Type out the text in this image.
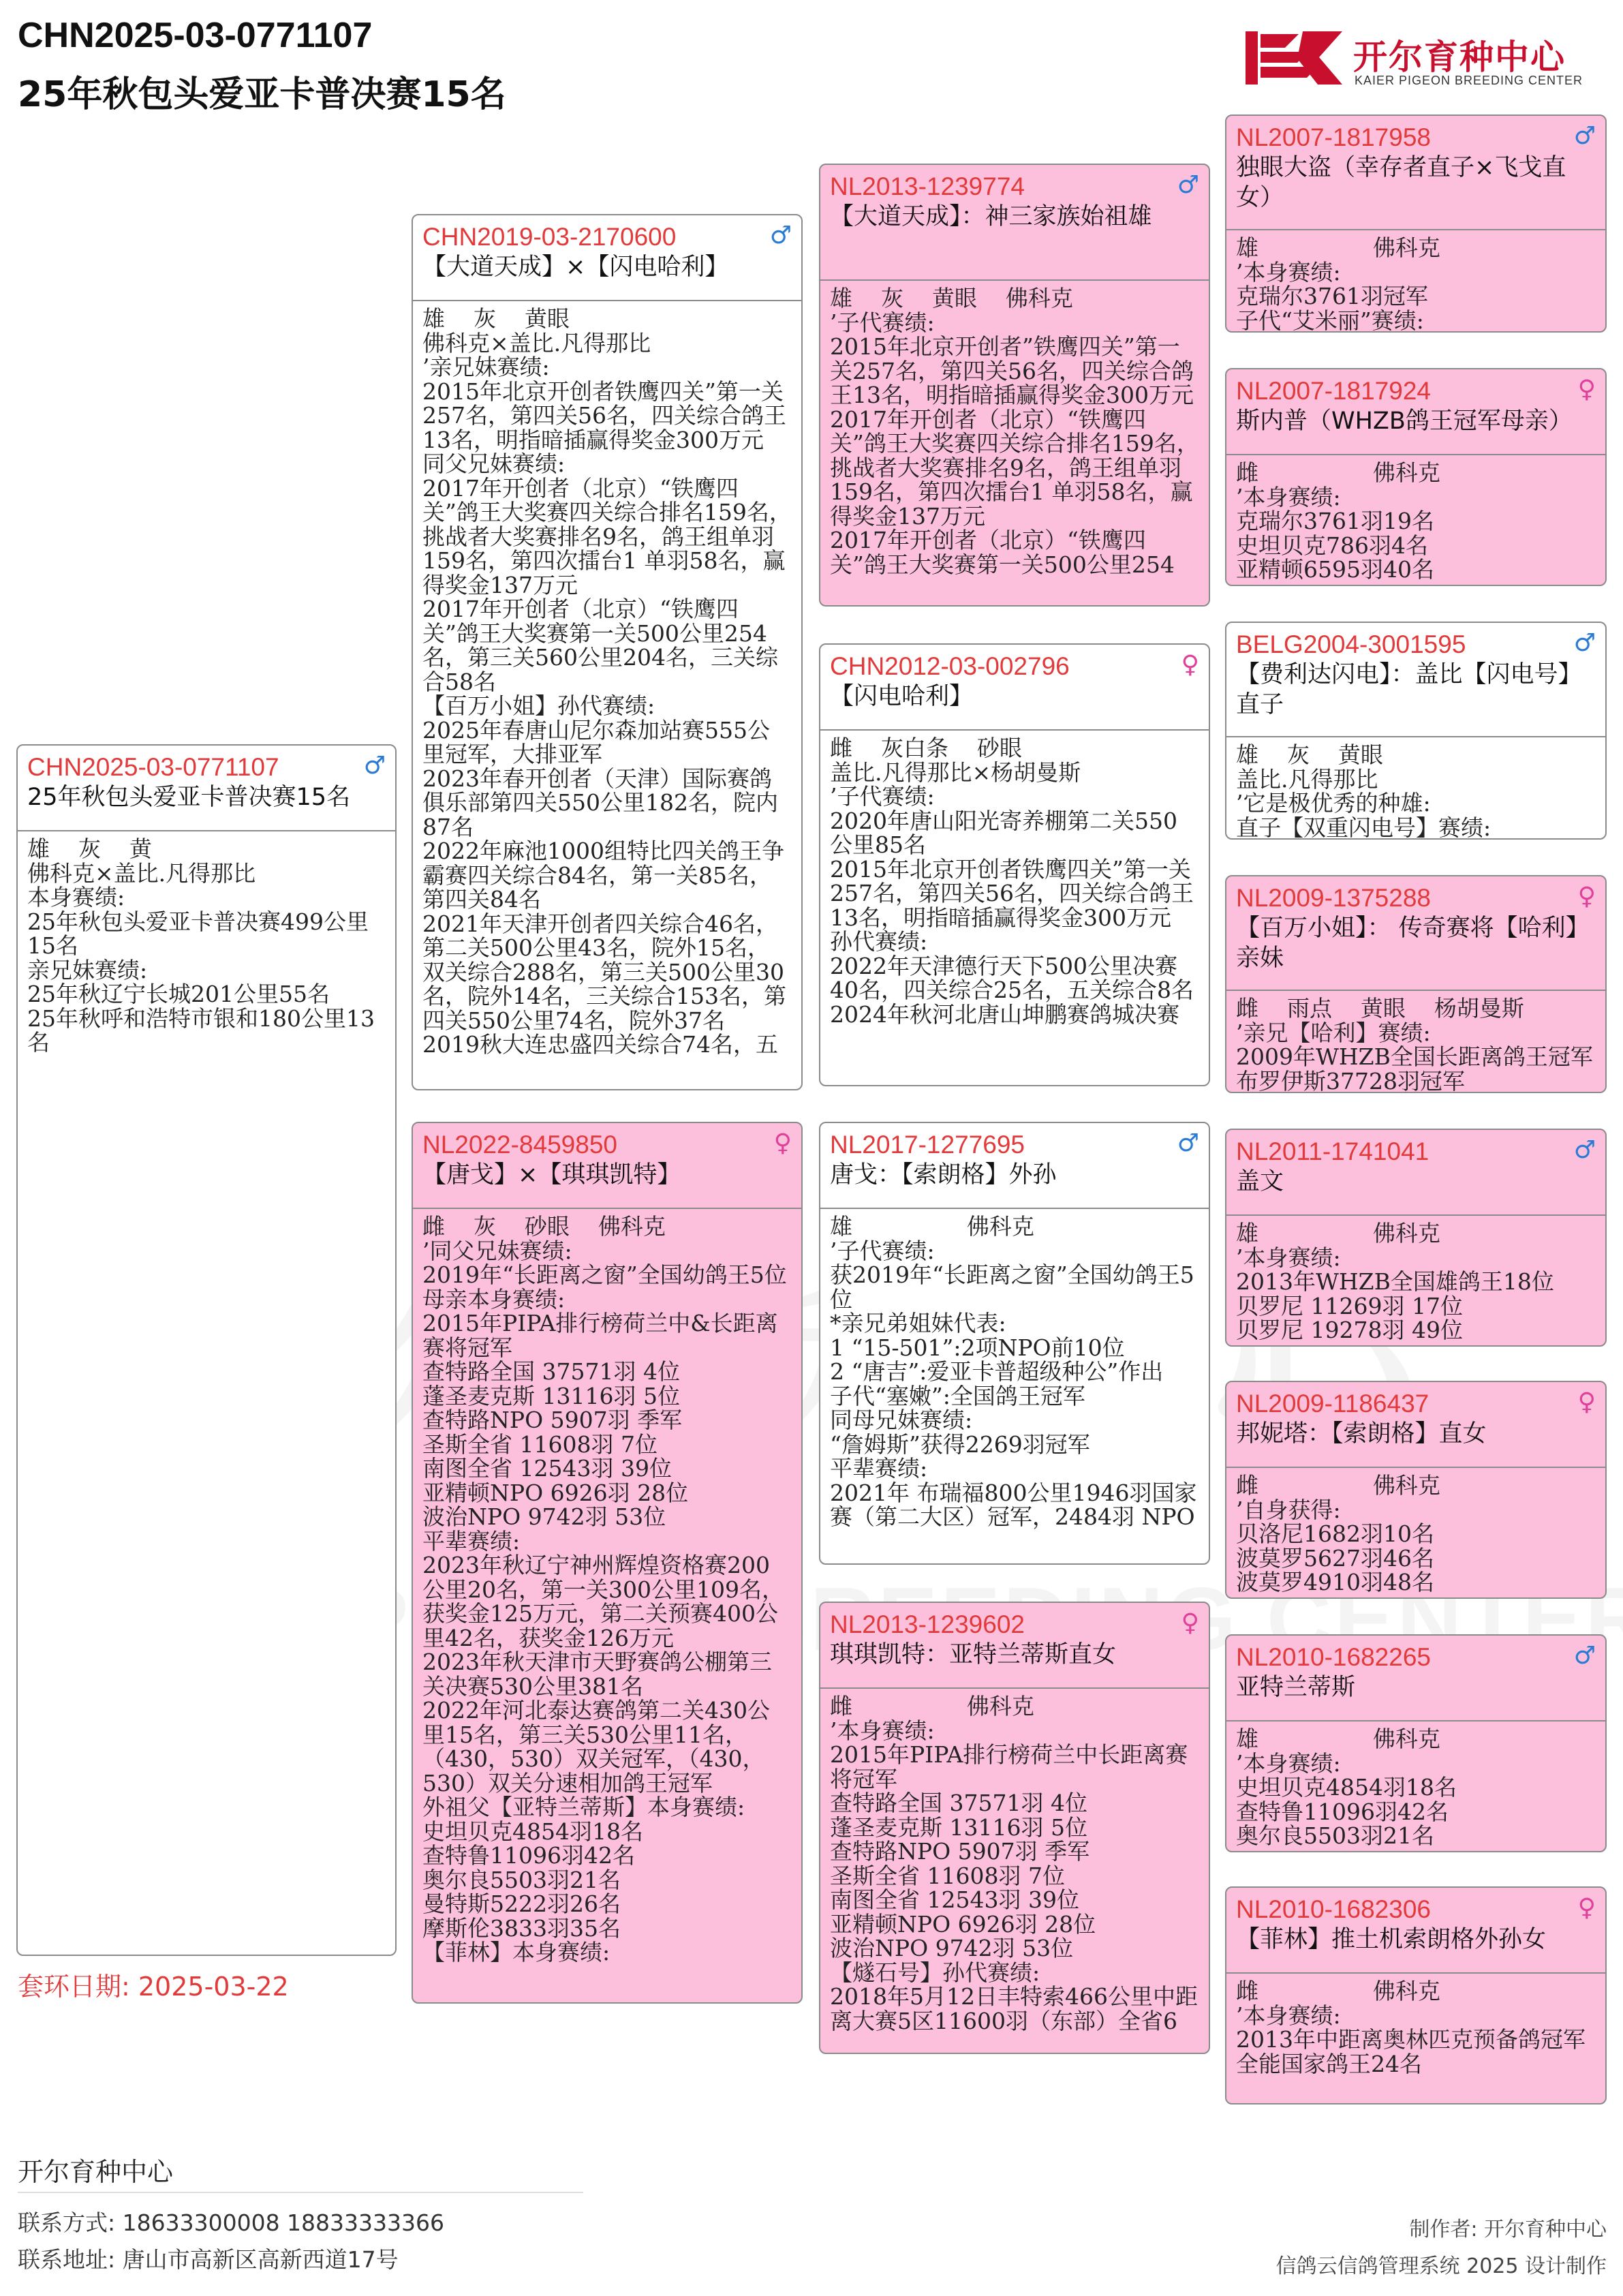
CHN2025-03-0771107
25年秋包头爱亚卡普决赛15名
开尔育种中心
KAIER PIGEON BREEDING CENTER
CHN2025-03-0771107	♂
25年秋包头爱亚卡普决赛15名
雄    灰    黄
佛科克×盖比.凡得那比
本身赛绩:
25年秋包头爱亚卡普决赛499公里15名
亲兄妹赛绩:
25年秋辽宁长城201公里55名
25年秋呼和浩特市银和180公里13名
CHN2019-03-2170600	♂
【大道天成】×【闪电哈利】
雄    灰    黄眼
佛科克×盖比.凡得那比
’亲兄妹赛绩:
2015年北京开创者铁鹰四关”第一关257名，第四关56名，四关综合鸽王13名，明指暗插赢得奖金300万元
同父兄妹赛绩:
2017年开创者（北京）“铁鹰四关”鸽王大奖赛四关综合排名159名，挑战者大奖赛排名9名，鸽王组单羽159名，第四次擂台1 单羽58名，赢得奖金137万元
2017年开创者（北京）“铁鹰四关”鸽王大奖赛第一关500公里254名，第三关560公里204名，三关综合58名
【百万小姐】孙代赛绩:
2025年春唐山尼尔森加站赛555公里冠军，大排亚军
2023年春开创者（天津）国际赛鸽俱乐部第四关550公里182名，院内87名
2022年麻池1000组特比四关鸽王争霸赛四关综合84名，第一关85名，第四关84名
2021年天津开创者四关综合46名，第二关500公里43名，院外15名，双关综合288名，第三关500公里30名，院外14名，三关综合153名，第四关550公里74名，院外37名
2019秋大连忠盛四关综合74名，五
NL2022-8459850	♀
【唐戈】×【琪琪凯特】
雌    灰    砂眼    佛科克
’同父兄妹赛绩:
2019年“长距离之窗”全国幼鸽王5位
母亲本身赛绩:
2015年PIPA排行榜荷兰中&长距离赛将冠军
查特路全国 37571羽 4位
蓬圣麦克斯 13116羽 5位
查特路NPO 5907羽 季军
圣斯全省 11608羽 7位
南图全省 12543羽 39位
亚精顿NPO 6926羽 28位
波治NPO 9742羽 53位
平辈赛绩:
2023年秋辽宁神州辉煌资格赛200公里20名，第一关300公里109名，获奖金125万元，第二关预赛400公里42名，获奖金126万元
2023年秋天津市天野赛鸽公棚第三关决赛530公里381名
2022年河北泰达赛鸽第二关430公里15名，第三关530公里11名，（430，530）双关冠军，（430，530）双关分速相加鸽王冠军
外祖父【亚特兰蒂斯】本身赛绩:
史坦贝克4854羽18名
查特鲁11096羽42名
奥尔良5503羽21名
曼特斯5222羽26名
摩斯伦3833羽35名
【菲林】本身赛绩:
NL2013-1239774	♂
【大道天成】：神三家族始祖雄
雄    灰    黄眼    佛科克
’子代赛绩:
2015年北京开创者”铁鹰四关”第一关257名，第四关56名，四关综合鸽王13名，明指暗插赢得奖金300万元
2017年开创者（北京）“铁鹰四关”鸽王大奖赛四关综合排名159名，挑战者大奖赛排名9名，鸽王组单羽159名，第四次擂台1 单羽58名，赢得奖金137万元
2017年开创者（北京）“铁鹰四关”鸽王大奖赛第一关500公里254
CHN2012-03-002796	♀
【闪电哈利】
雌    灰白条    砂眼
盖比.凡得那比×杨胡曼斯
’子代赛绩:
2020年唐山阳光寄养棚第二关550公里85名
2015年北京开创者铁鹰四关”第一关257名，第四关56名，四关综合鸽王13名，明指暗插赢得奖金300万元
孙代赛绩:
2022年天津德行天下500公里决赛40名，四关综合25名，五关综合8名
2024年秋河北唐山坤鹏赛鸽城决赛
NL2017-1277695	♂
唐戈：【索朗格】外孙
雄                佛科克
’子代赛绩:
获2019年“长距离之窗”全国幼鸽王5位
*亲兄弟姐妹代表:
1 “15-501”:2项NPO前10位
2 “唐吉”:爱亚卡普超级种公”作出
子代“塞嫩”:全国鸽王冠军
同母兄妹赛绩:
“詹姆斯”获得2269羽冠军
平辈赛绩:
2021年 布瑞福800公里1946羽国家赛（第二大区）冠军，2484羽 NPO
NL2013-1239602	♀
琪琪凯特：亚特兰蒂斯直女
雌                佛科克
’本身赛绩:
2015年PIPA排行榜荷兰中长距离赛将冠军
查特路全国 37571羽 4位
蓬圣麦克斯 13116羽 5位
查特路NPO 5907羽 季军
圣斯全省 11608羽 7位
南图全省 12543羽 39位
亚精顿NPO 6926羽 28位
波治NPO 9742羽 53位
【燧石号】孙代赛绩:
2018年5月12日丰特索466公里中距离大赛5区11600羽（东部）全省6
NL2007-1817958	♂
独眼大盗（幸存者直子×飞戈直女）
雄                佛科克
’本身赛绩:
克瑞尔3761羽冠军
子代“艾米丽”赛绩:
NL2007-1817924	♀
斯内普（WHZB鸽王冠军母亲）
雌                佛科克
’本身赛绩:
克瑞尔3761羽19名
史坦贝克786羽4名
亚精顿6595羽40名
BELG2004-3001595	♂
【费利达闪电】：盖比【闪电号】直子
雄    灰    黄眼
盖比.凡得那比
’它是极优秀的种雄:
直子【双重闪电号】赛绩:
NL2009-1375288	♀
【百万小姐】： 传奇赛将【哈利】亲妹
雌    雨点    黄眼    杨胡曼斯
’亲兄【哈利】赛绩:
2009年WHZB全国长距离鸽王冠军
布罗伊斯37728羽冠军
NL2011-1741041	♂
盖文
雄                佛科克
’本身赛绩:
2013年WHZB全国雄鸽王18位
贝罗尼 11269羽 17位
贝罗尼 19278羽 49位
NL2009-1186437	♀
邦妮塔：【索朗格】直女
雌                佛科克
’自身获得:
贝洛尼1682羽10名
波莫罗5627羽46名
波莫罗4910羽48名
NL2010-1682265	♂
亚特兰蒂斯
雄                佛科克
’本身赛绩:
史坦贝克4854羽18名
查特鲁11096羽42名
奥尔良5503羽21名
NL2010-1682306	♀
【菲林】推土机索朗格外孙女
雌                佛科克
’本身赛绩:
2013年中距离奥林匹克预备鸽冠军
全能国家鸽王24名
套环日期: 2025-03-22
开尔育种中心
联系方式: 18633300008 18833333366
联系地址: 唐山市高新区高新西道17号
制作者: 开尔育种中心
信鸽云信鸽管理系统 2025 设计制作
